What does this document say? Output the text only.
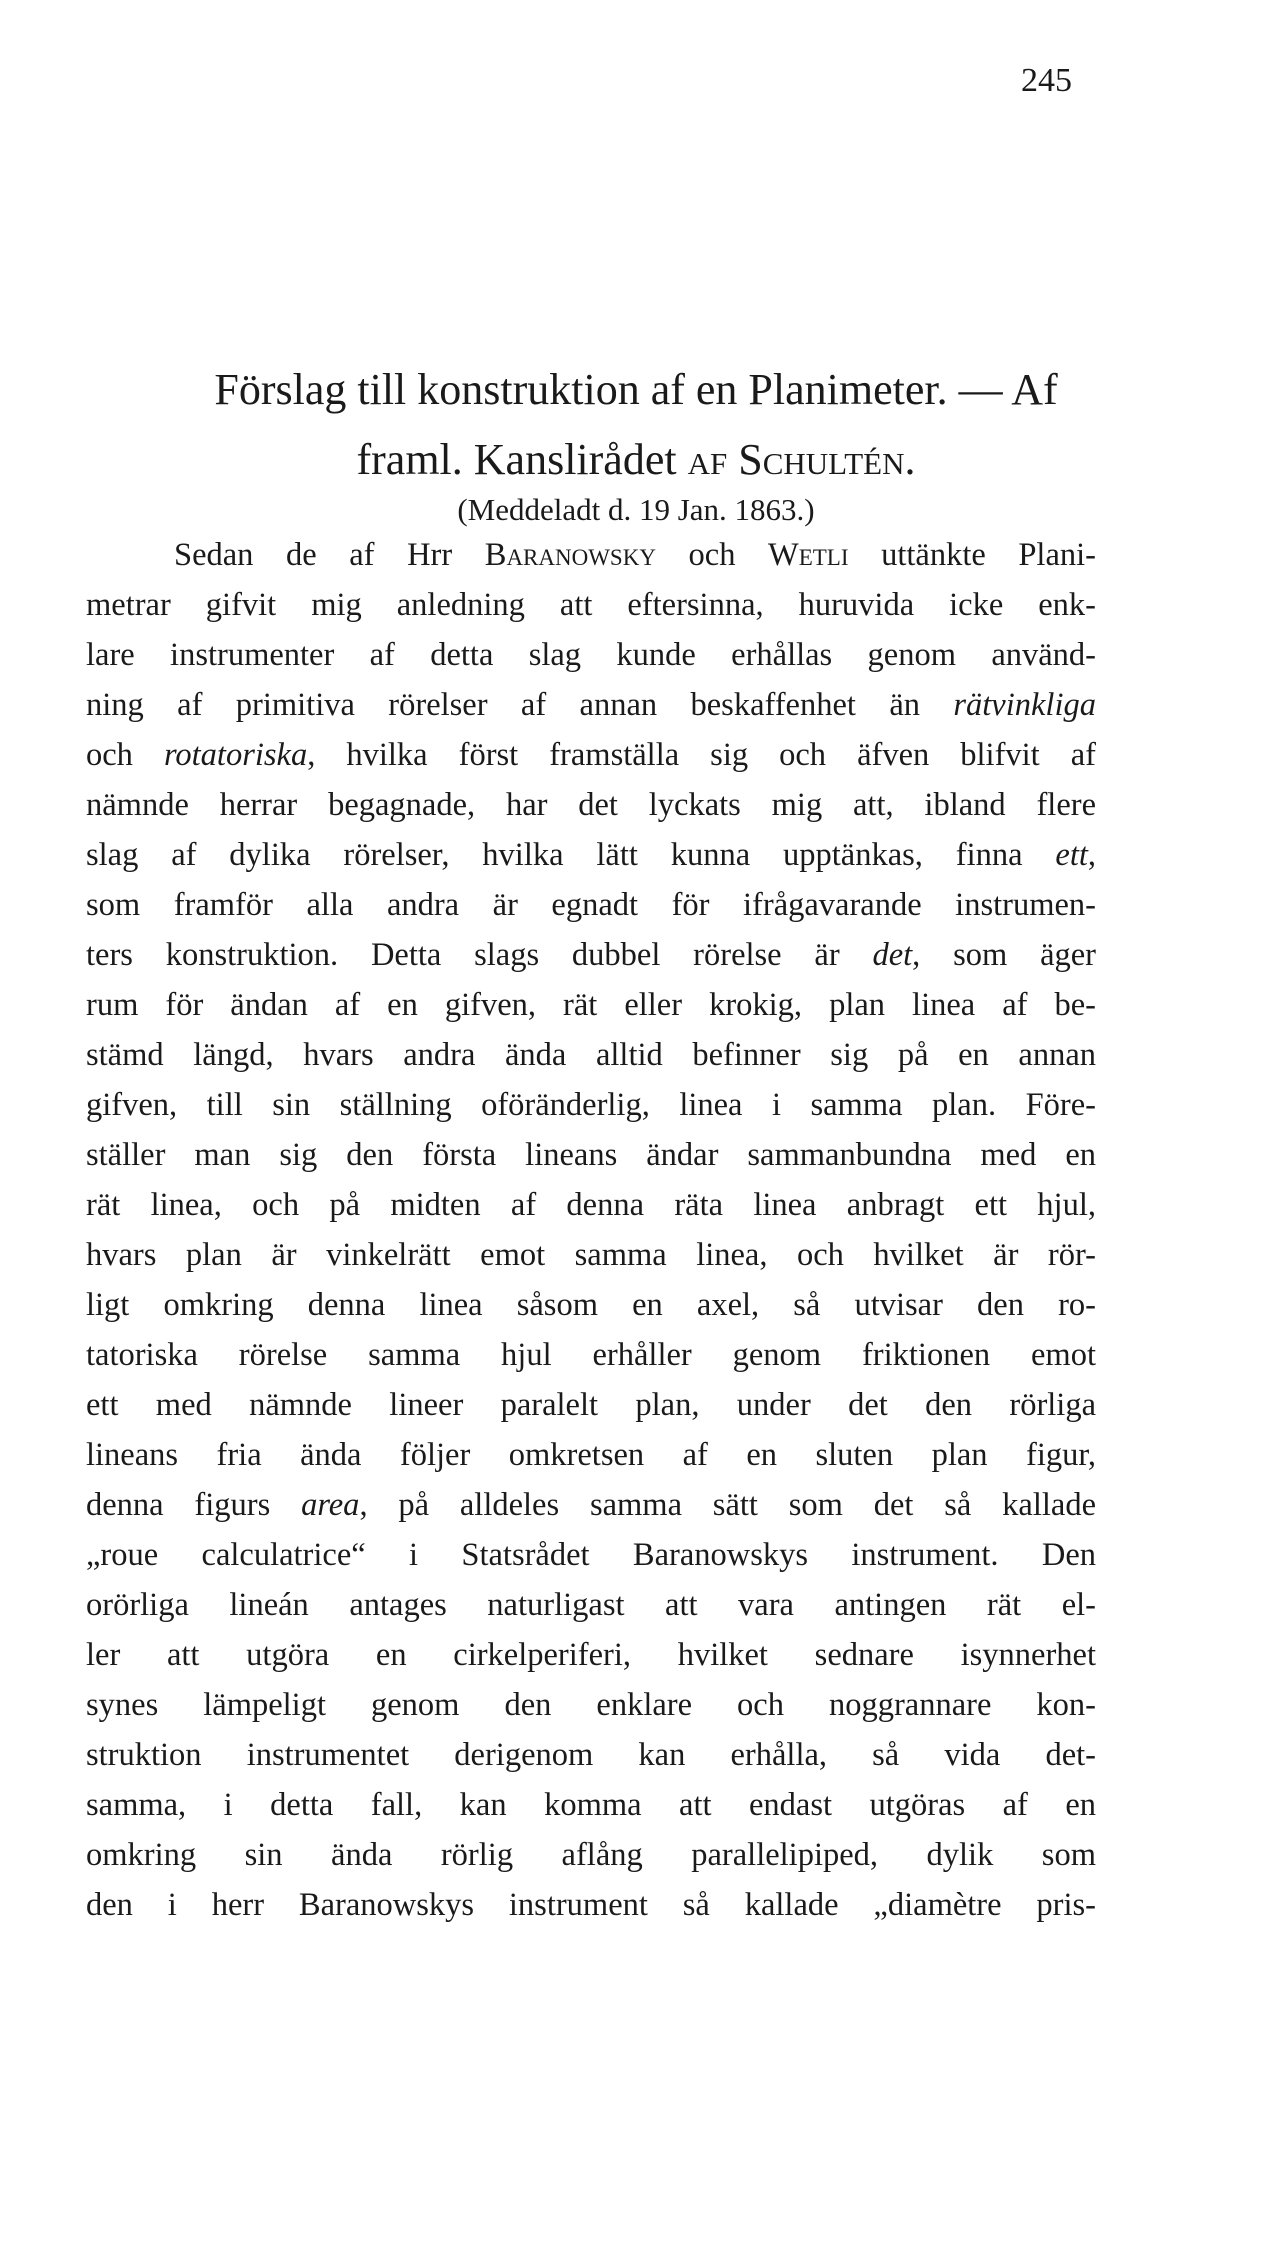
245
Förslag till konstruktion af en Planimeter. — Af
framl. Kanslirådet af Schultén.
(Meddeladt d. 19 Jan. 1863.)
Sedan de af Hrr Baranowsky och Wetli uttänkte Plani-
metrar gifvit mig anledning att eftersinna, huruvida icke enk-
lare instrumenter af detta slag kunde erhållas genom använd-
ning af primitiva rörelser af annan beskaffenhet än rätvinkliga
och rotatoriska, hvilka först framställa sig och äfven blifvit af
nämnde herrar begagnade, har det lyckats mig att, ibland flere
slag af dylika rörelser, hvilka lätt kunna upptänkas, finna ett,
som framför alla andra är egnadt för ifrågavarande instrumen-
ters konstruktion. Detta slags dubbel rörelse är det, som äger
rum för ändan af en gifven, rät eller krokig, plan linea af be-
stämd längd, hvars andra ända alltid befinner sig på en annan
gifven, till sin ställning oföränderlig, linea i samma plan. Före-
ställer man sig den första lineans ändar sammanbundna med en
rät linea, och på midten af denna räta linea anbragt ett hjul,
hvars plan är vinkelrätt emot samma linea, och hvilket är rör-
ligt omkring denna linea såsom en axel, så utvisar den ro-
tatoriska rörelse samma hjul erhåller genom friktionen emot
ett med nämnde lineer paralelt plan, under det den rörliga
lineans fria ända följer omkretsen af en sluten plan figur,
denna figurs area, på alldeles samma sätt som det så kallade
„roue calculatrice“ i Statsrådet Baranowskys instrument. Den
orörliga lineán antages naturligast att vara antingen rät el-
ler att utgöra en cirkelperiferi, hvilket sednare isynnerhet
synes lämpeligt genom den enklare och noggrannare kon-
struktion instrumentet derigenom kan erhålla, så vida det-
samma, i detta fall, kan komma att endast utgöras af en
omkring sin ända rörlig aflång parallelipiped, dylik som
den i herr Baranowskys instrument så kallade „diamètre pris-
